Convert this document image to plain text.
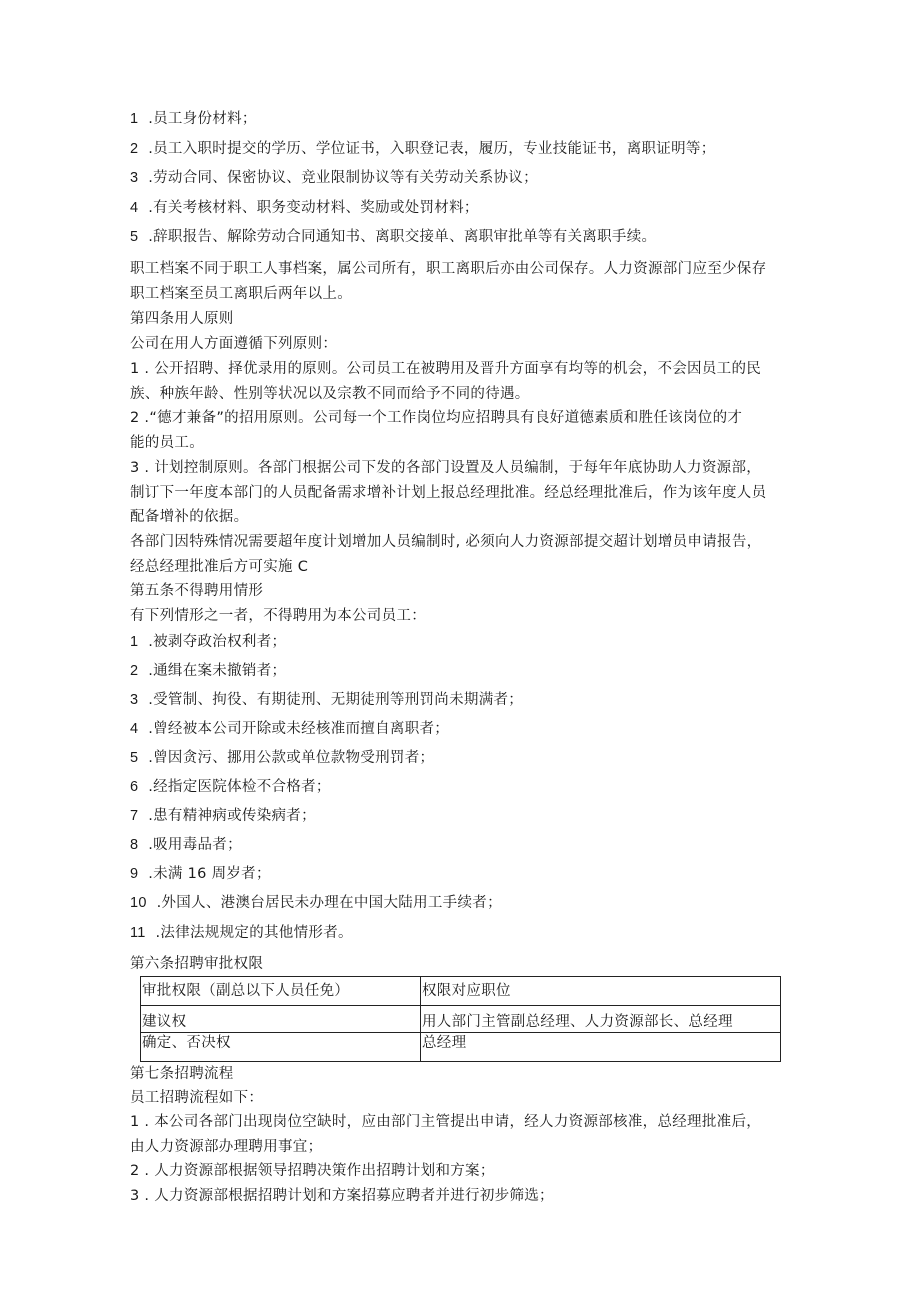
1 .员工身份材料；
2 .员工入职时提交的学历、学位证书，入职登记表，履历，专业技能证书，离职证明等；
3 .劳动合同、保密协议、竞业限制协议等有关劳动关系协议；
4 .有关考核材料、职务变动材料、奖励或处罚材料；
5 .辞职报告、解除劳动合同通知书、离职交接单、离职审批单等有关离职手续。
职工档案不同于职工人事档案，属公司所有，职工离职后亦由公司保存。人力资源部门应至少保存
职工档案至员工离职后两年以上。
第四条用人原则
公司在用人方面遵循下列原则：
1 . 公开招聘、择优录用的原则。公司员工在被聘用及晋升方面享有均等的机会，不会因员工的民
族、种族年龄、性别等状况以及宗教不同而给予不同的待遇。
2 .“德才兼备”的招用原则。公司每一个工作岗位均应招聘具有良好道德素质和胜任该岗位的才
能的员工。
3 . 计划控制原则。各部门根据公司下发的各部门设置及人员编制，于每年年底协助人力资源部，
制订下一年度本部门的人员配备需求增补计划上报总经理批准。经总经理批准后，作为该年度人员
配备增补的依据。
各部门因特殊情况需要超年度计划增加人员编制时, 必须向人力资源部提交超计划增员申请报告，
经总经理批准后方可实施 C
第五条不得聘用情形
有下列情形之一者，不得聘用为本公司员工：
1 .被剥夺政治权利者；
2 .通缉在案未撤销者；
3 .受管制、拘役、有期徒刑、无期徒刑等刑罚尚未期满者；
4 .曾经被本公司开除或未经核准而擅自离职者；
5 .曾因贪污、挪用公款或单位款物受刑罚者；
6 .经指定医院体检不合格者；
7 .患有精神病或传染病者；
8 .吸用毒品者；
9 .未满 16 周岁者；
10 .外国人、港澳台居民未办理在中国大陆用工手续者；
11 .法律法规规定的其他情形者。
第六条招聘审批权限
审批权限（副总以下人员任免）	权限对应职位
建议权	用人部门主管副总经理、人力资源部长、总经理
确定、否决权	总经理
第七条招聘流程
员工招聘流程如下：
1 . 本公司各部门出现岗位空缺时，应由部门主管提出申请，经人力资源部核准，总经理批准后，
由人力资源部办理聘用事宜；
2 . 人力资源部根据领导招聘决策作出招聘计划和方案；
3 . 人力资源部根据招聘计划和方案招募应聘者并进行初步筛选；
